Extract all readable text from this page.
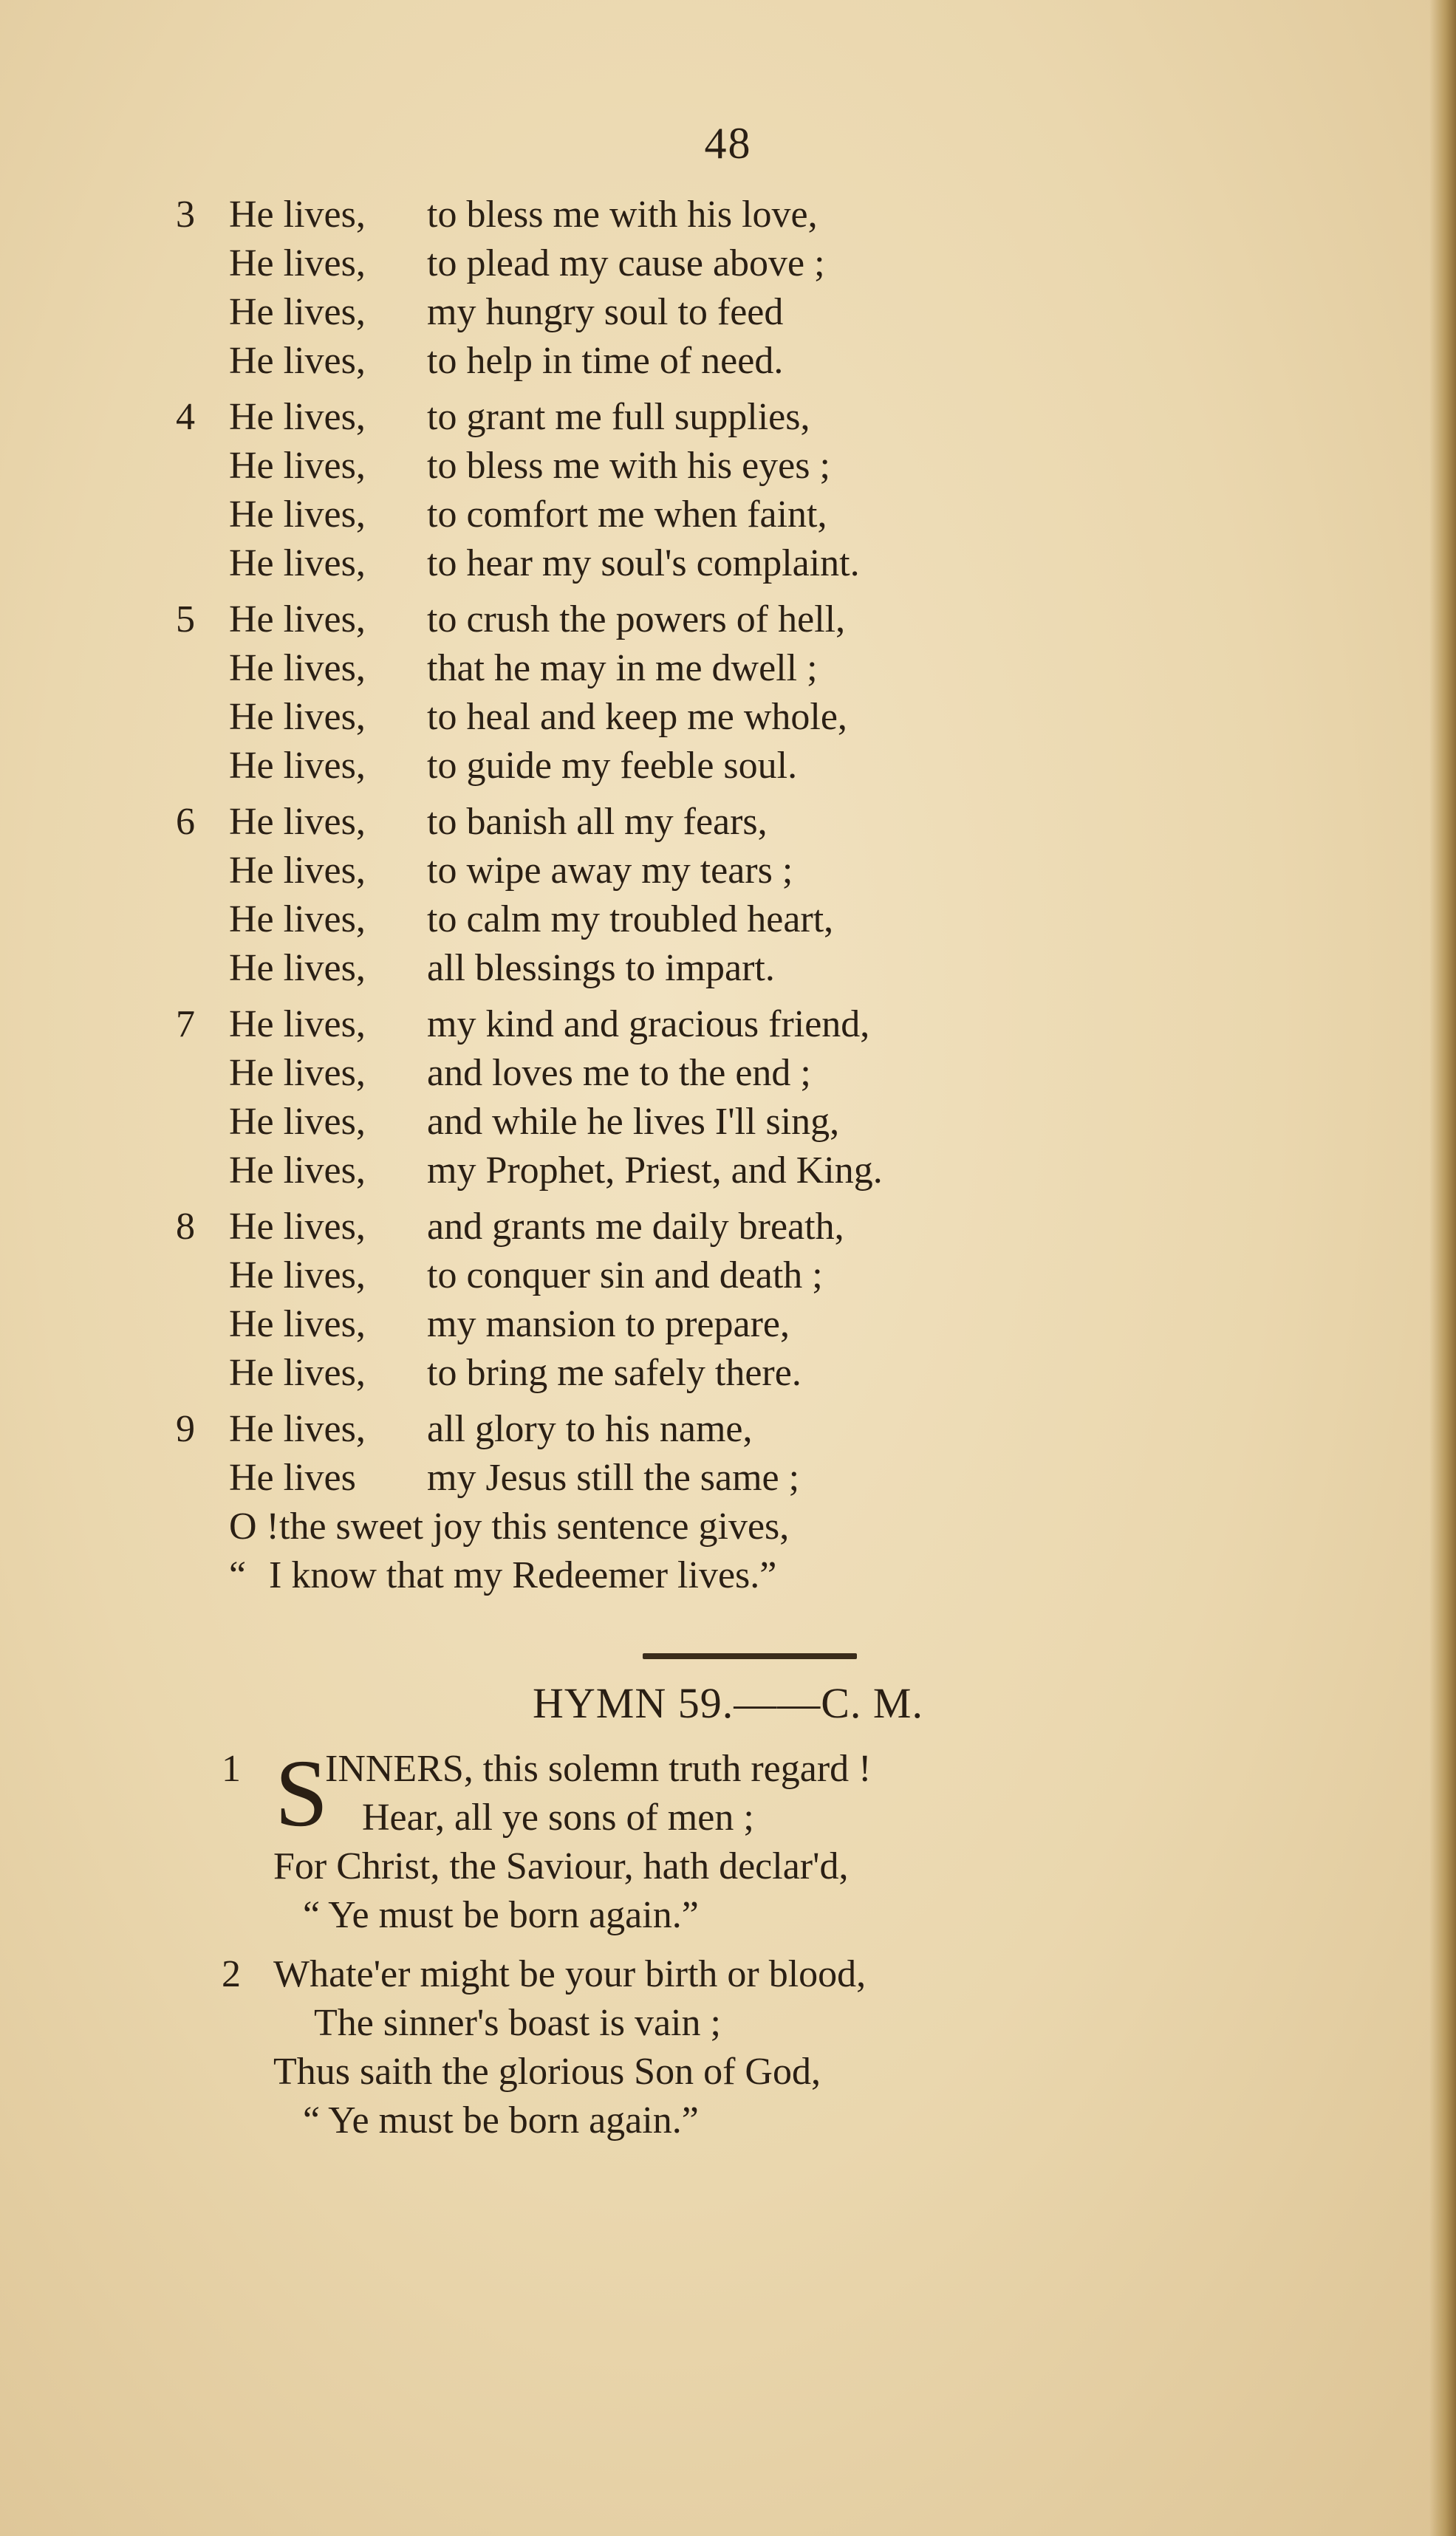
48
3 He lives, to bless me with his love,
He lives, to plead my cause above ;
He lives, my hungry soul to feed
He lives, to help in time of need.
4 He lives, to grant me full supplies,
He lives, to bless me with his eyes ;
He lives, to comfort me when faint,
He lives, to hear my soul's complaint.
5 He lives, to crush the powers of hell,
He lives, that he may in me dwell ;
He lives, to heal and keep me whole,
He lives, to guide my feeble soul.
6 He lives, to banish all my fears,
He lives, to wipe away my tears ;
He lives, to calm my troubled heart,
He lives, all blessings to impart.
7 He lives, my kind and gracious friend,
He lives, and loves me to the end ;
He lives, and while he lives I'll sing,
He lives, my Prophet, Priest, and King.
8 He lives, and grants me daily breath,
He lives, to conquer sin and death ;
He lives, my mansion to prepare,
He lives, to bring me safely there.
9 He lives, all glory to his name,
He lives my Jesus still the same ;
O ! the sweet joy this sentence gives,
“ I know that my Redeemer lives.”
HYMN 59.——C. M.
1 S
INNERS, this solemn truth regard !
Hear, all ye sons of men ;
For Christ, the Saviour, hath declar'd,
“ Ye must be born again.”
2 Whate'er might be your birth or blood,
The sinner's boast is vain ;
Thus saith the glorious Son of God,
“ Ye must be born again.”
